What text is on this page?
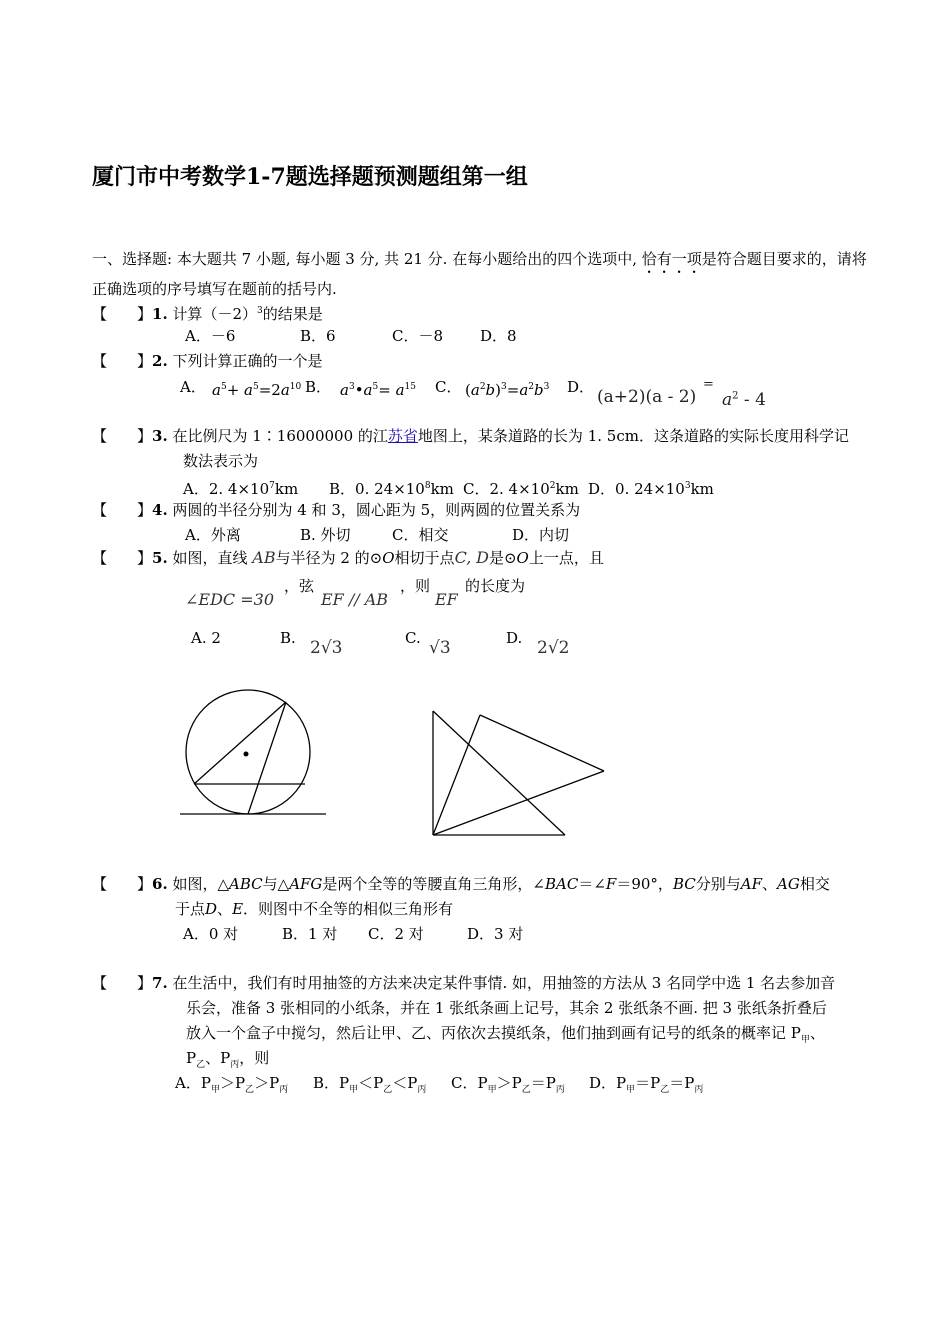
厦门市中考数学1-7题选择题预测题组第一组
一、选择题: 本大题共 7 小题, 每小题 3 分, 共 21 分. 在每小题给出的四个选项中, 恰有一项是符合题目要求的，请将正确选项的序号填写在题前的括号内.
【　　】1. 计算$(-2)^3$的结果是
A．－6	B．6	C．－8 D．8
【　　】2. 下列计算正确的一个是
A． $a^5+ a^5=2a^{10}$ B． $a^3•a^5= a^{15}$ C． $(a^2b)^3=a^2b^3$ D． (a+2)(a - 2)
=
$a^2 - 4$
【　　】3. 在比例尺为 1∶16000000 的江苏省地图上，某条道路的长为 1. 5cm．这条道路的实际长度用科学记
数法表示为
A．2. $4\times 10^7km$ B．0. $24\times 10^8km$ C．2. $4\times 10^2km$ D．0. $24\times 10^3km$
【　　】4. 两圆的半径分别为 4 和 3，圆心距为 5，则两圆的位置关系为
A．外离	B. 外切	C．相交	D．内切
【　　】5. 如图，直线 AB与半径为 2 的⊙O相切于点C, D是⊙O上一点，且
∠EDC =30
，弦
EF // AB
，则
EF
的长度为
A. 2	B.	C.	D.
2√3	√3	2√2
【　　】6. 如图，△ABC与△AFG是两个全等的等腰直角三角形，∠BAC＝∠F＝90°，BC分别与AF、AG相交
于点D、E．则图中不全等的相似三角形有
A．0 对	B．1 对 C．2 对	D．3 对
【　　】7. 在生活中，我们有时用抽签的方法来决定某件事情. 如，用抽签的方法从 3 名同学中选 1 名去参加音
乐会，准备 3 张相同的小纸条，并在 1 张纸条画上记号，其余 2 张纸条不画. 把 3 张纸条折叠后
放入一个盒子中搅匀，然后让甲、乙、丙依次去摸纸条，他们抽到画有记号的纸条的概率记 $P_甲$、
$P_乙$、$P_丙$，则
A．$P_甲>P_乙>P_丙$ B．$P_甲<P_乙<P_丙$ C．$P_甲>P_乙=P_丙$ D．$P_甲=P_乙=P_丙$
